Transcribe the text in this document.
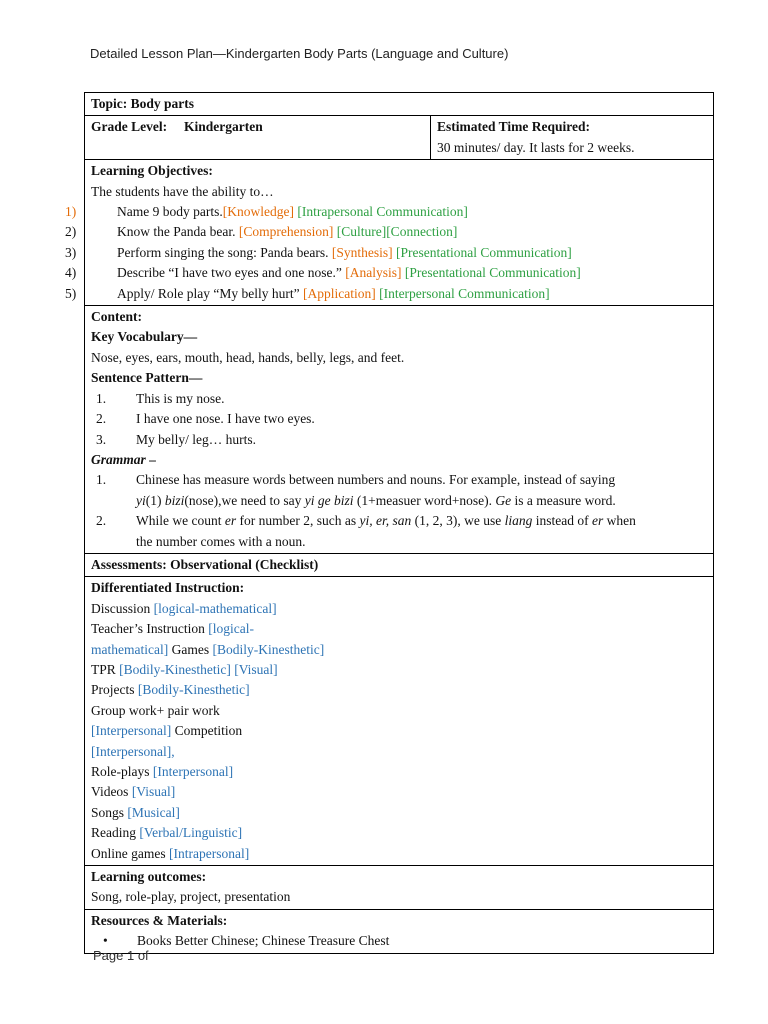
Detailed Lesson Plan—Kindergarten Body Parts (Language and Culture)
Topic: Body parts
Grade Level: Kindergarten	Estimated Time Required:
30 minutes/ day. It lasts for 2 weeks.

Learning Objectives:
The students have the ability to…
1)	Name 9 body parts.[Knowledge] [Intrapersonal Communication]
2)	Know the Panda bear. [Comprehension] [Culture][Connection]
3)	Perform singing the song: Panda bears. [Synthesis] [Presentational Communication]
4)	Describe “I have two eyes and one nose.” [Analysis] [Presentational Communication]
5)	Apply/ Role play “My belly hurt” [Application] [Interpersonal Communication]

Content:
Key Vocabulary—
Nose, eyes, ears, mouth, head, hands, belly, legs, and feet.
Sentence Pattern—
1. This is my nose.
2. I have one nose. I have two eyes.
3. My belly/ leg… hurts.
Grammar –
1. Chinese has measure words between numbers and nouns. For example, instead of saying
yi(1) bizi(nose),we need to say yi ge bizi (1+measuer word+nose). Ge is a measure word.
2. While we count er for number 2, such as yi, er, san (1, 2, 3), we use liang instead of er when
the number comes with a noun.

Assessments: Observational (Checklist)

Differentiated Instruction:
Discussion [logical-mathematical]
Teacher’s Instruction [logical-
mathematical] Games [Bodily-Kinesthetic]
TPR [Bodily-Kinesthetic] [Visual]
Projects [Bodily-Kinesthetic]
Group work+ pair work
[Interpersonal] Competition
[Interpersonal],
Role-plays [Interpersonal]
Videos [Visual]
Songs [Musical]
Reading [Verbal/Linguistic]
Online games [Intrapersonal]

Learning outcomes:
Song, role-play, project, presentation

Resources & Materials:
• Books Better Chinese; Chinese Treasure Chest
Page 1 of
